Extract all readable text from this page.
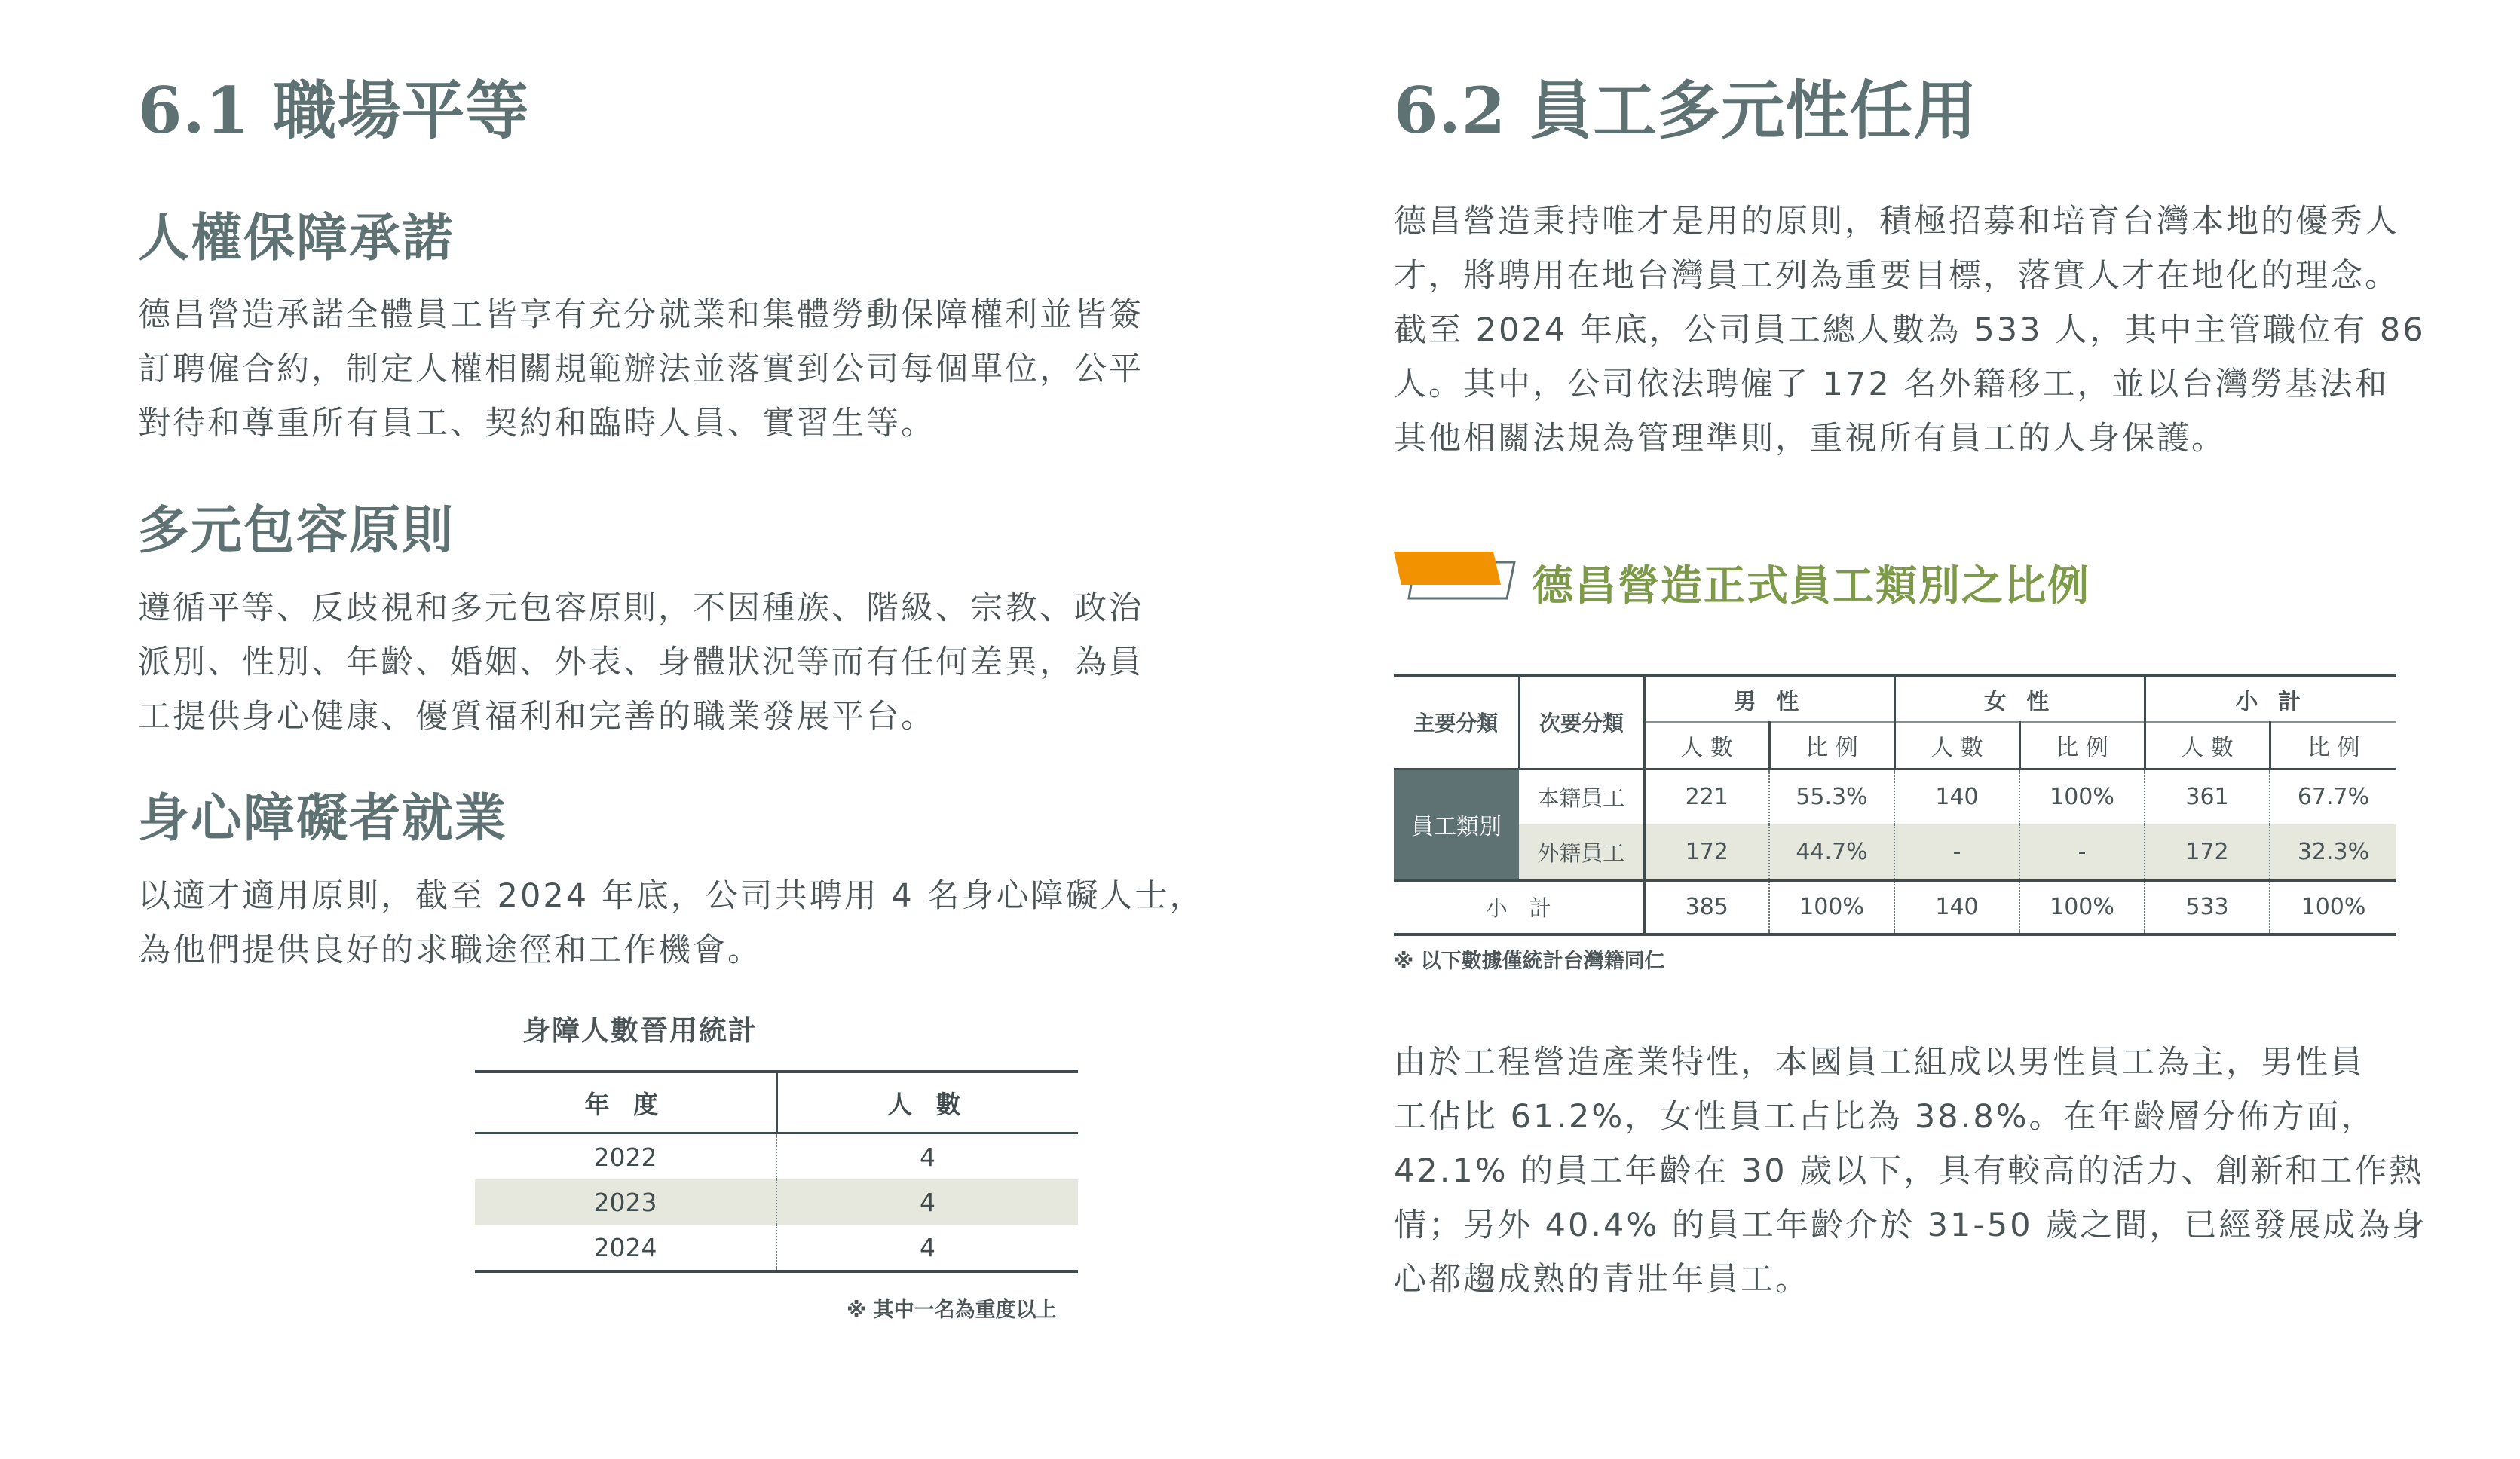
6.1 職場平等
人權保障承諾
德昌營造承諾全體員工皆享有充分就業和集體勞動保障權利並皆簽
訂聘僱合約，制定人權相關規範辦法並落實到公司每個單位，公平
對待和尊重所有員工、契約和臨時人員、實習生等。
多元包容原則
遵循平等、反歧視和多元包容原則，不因種族、階級、宗教、政治
派別、性別、年齡、婚姻、外表、身體狀況等而有任何差異，為員
工提供身心健康、優質福利和完善的職業發展平台。
身心障礙者就業
以適才適用原則，截至 2024 年底，公司共聘用 4 名身心障礙人士，
為他們提供良好的求職途徑和工作機會。
身障人數晉用統計
年 度	人 數
2022	4
2023	4
2024	4
※ 其中一名為重度以上
6.2 員工多元性任用
德昌營造秉持唯才是用的原則，積極招募和培育台灣本地的優秀人
才，將聘用在地台灣員工列為重要目標，落實人才在地化的理念。
截至 2024 年底，公司員工總人數為 533 人，其中主管職位有 86
人。其中，公司依法聘僱了 172 名外籍移工，並以台灣勞基法和
其他相關法規為管理準則，重視所有員工的人身保護。
德昌營造正式員工類別之比例
主要分類	次要分類	男 性		女 性		小 計	
		人 數	比 例	人 數	比 例	人 數	比 例
員工類別	本籍員工	221	55.3%	140	100%	361	67.7%
	外籍員工	172	44.7%	-	-	172	32.3%
小　計		385	100%	140	100%	533	100%
※ 以下數據僅統計台灣籍同仁
由於工程營造產業特性，本國員工組成以男性員工為主，男性員
工佔比 61.2%，女性員工占比為 38.8%。在年齡層分佈方面，
42.1% 的員工年齡在 30 歲以下，具有較高的活力、創新和工作熱
情；另外 40.4% 的員工年齡介於 31-50 歲之間，已經發展成為身
心都趨成熟的青壯年員工。
